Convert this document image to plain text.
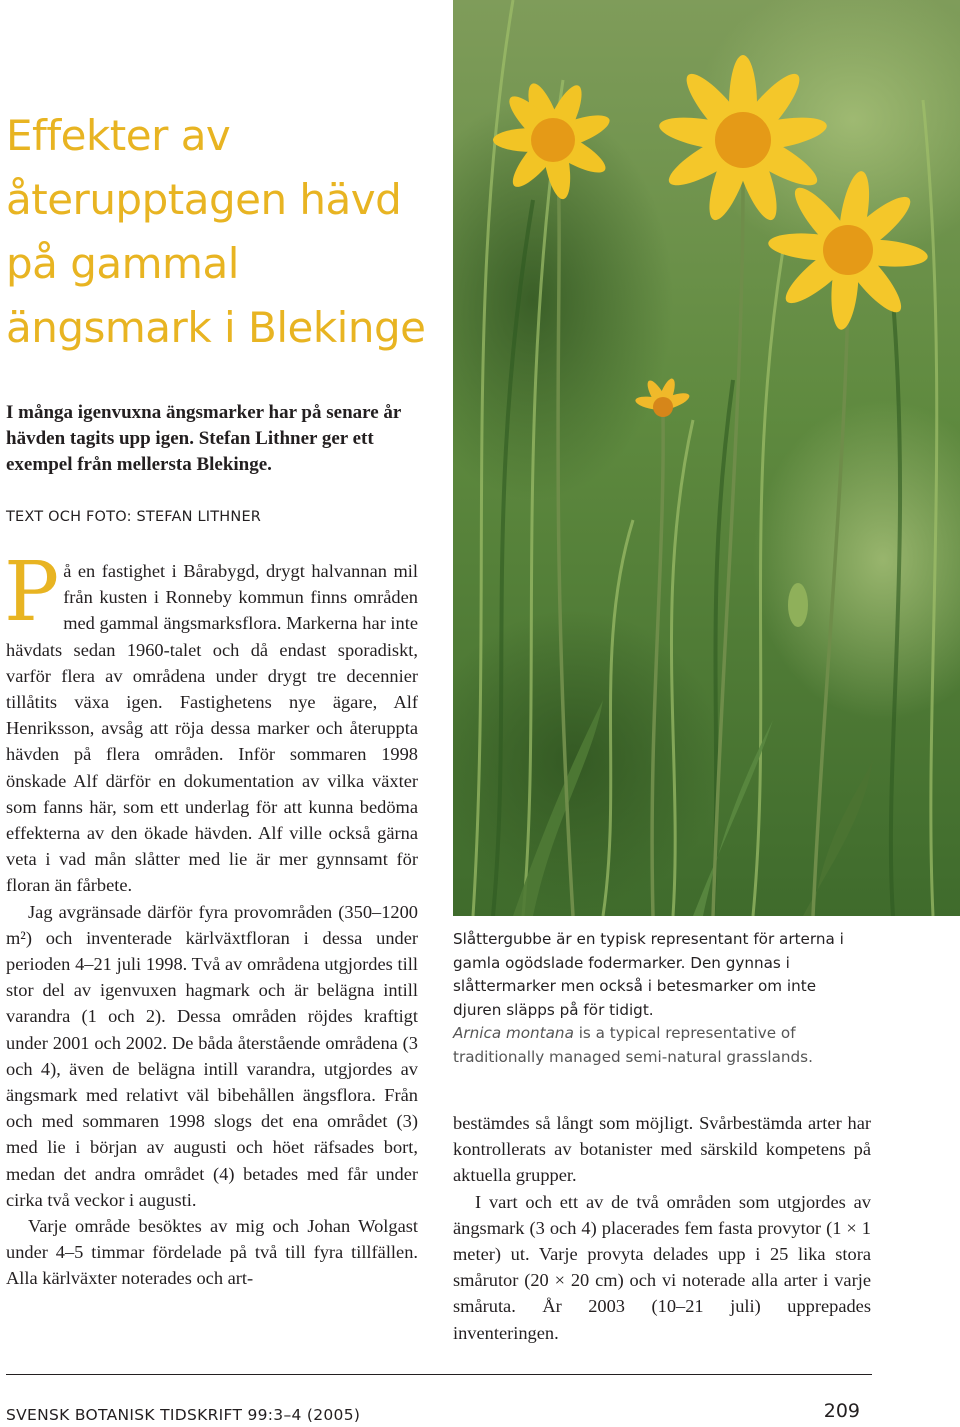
Effekter av återupptagen hävd på gammal ängsmark i Blekinge
I många igenvuxna ängsmarker har på senare år hävden tagits upp igen. Stefan Lithner ger ett exempel från mellersta Blekinge.
TEXT OCH FOTO: STEFAN LITHNER

På en fastighet i Bårabygd, drygt halvannan mil från kusten i Ronneby kommun finns områden med gammal ängsmarksflora. Markerna har inte hävdats sedan 1960-talet och då endast sporadiskt, varför flera av områdena under drygt tre decennier tillåtits växa igen. Fastighetens nye ägare, Alf Henriksson, avsåg att röja dessa marker och återuppta hävden på flera områden. Inför sommaren 1998 önskade Alf därför en dokumentation av vilka växter som fanns här, som ett underlag för att kunna bedöma effekterna av den ökade hävden. Alf ville också gärna veta i vad mån slåtter med lie är mer gynnsamt för floran än fårbete.

Jag avgränsade därför fyra provområden (350–1200 m²) och inventerade kärlväxtfloran i dessa under perioden 4–21 juli 1998. Två av områdena utgjordes till stor del av igenvuxen hagmark och är belägna intill varandra (1 och 2). Dessa områden röjdes kraftigt under 2001 och 2002. De båda återstående områdena (3 och 4), även de belägna intill varandra, utgjordes av ängsmark med relativt väl bibehållen ängsflora. Från och med sommaren 1998 slogs det ena området (3) med lie i början av augusti och höet räfsades bort, medan det andra området (4) betades med får under cirka två veckor i augusti.

Varje område besöktes av mig och Johan Wolgast under 4–5 timmar fördelade på två till fyra tillfällen. Alla kärlväxter noterades och art-

Slåttergubbe är en typisk representant för arterna i gamla ogödslade fodermarker. Den gynnas i slåttermarker men också i betesmarker om inte djuren släpps på för tidigt.
Arnica montana is a typical representative of traditionally managed semi-natural grasslands.

bestämdes så långt som möjligt. Svårbestämda arter har kontrollerats av botanister med särskild kompetens på aktuella grupper.

I vart och ett av de två områden som utgjordes av ängsmark (3 och 4) placerades fem fasta provytor (1 × 1 meter) ut. Varje provyta delades upp i 25 lika stora smårutor (20 × 20 cm) och vi noterade alla arter i varje småruta. År 2003 (10–21 juli) upprepades inventeringen.

SVENSK BOTANISK TIDSKRIFT 99:3–4 (2005)	209
